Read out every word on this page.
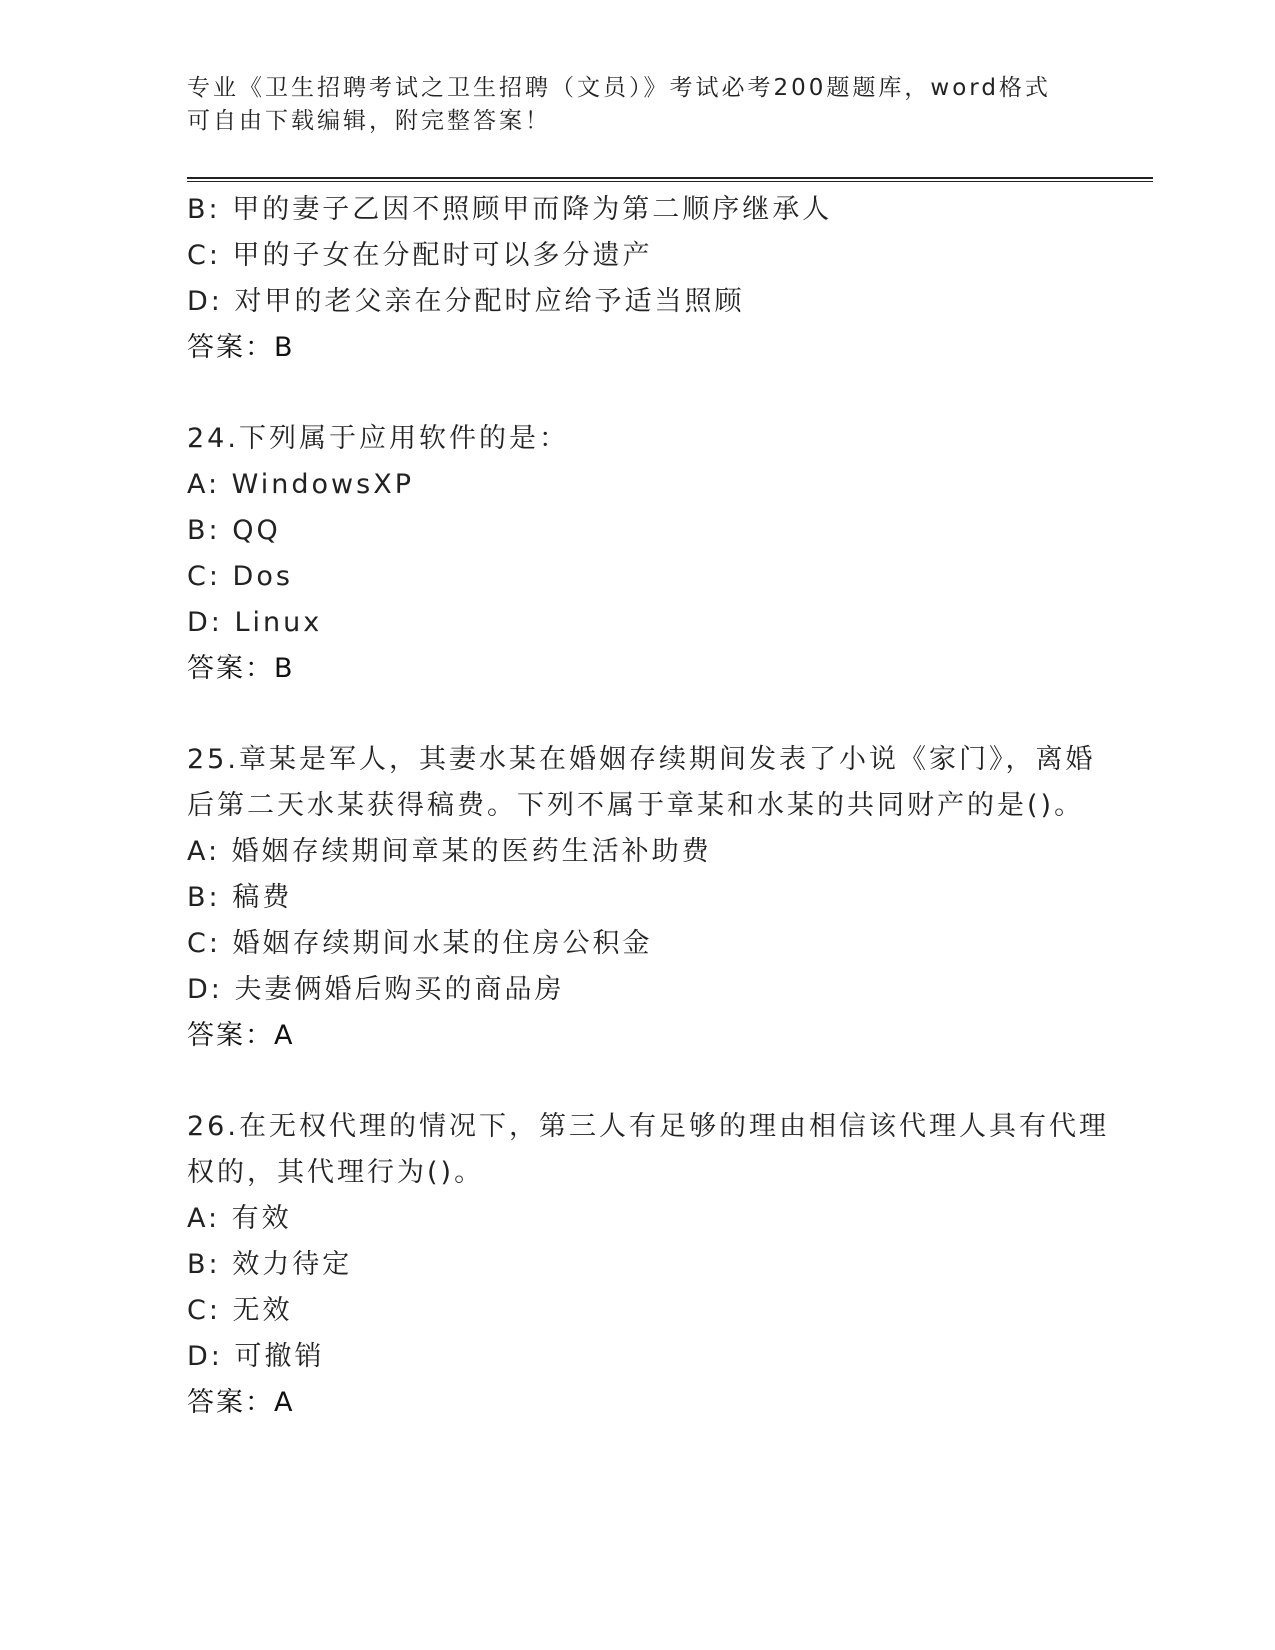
专业《卫生招聘考试之卫生招聘（文员）》考试必考200题题库，word格式可自由下载编辑，附完整答案！
B: 甲的妻子乙因不照顾甲而降为第二顺序继承人
C: 甲的子女在分配时可以多分遗产
D: 对甲的老父亲在分配时应给予适当照顾
答案：B
24.下列属于应用软件的是：
A: WindowsXP
B: QQ
C: Dos
D: Linux
答案：B
25.章某是军人，其妻水某在婚姻存续期间发表了小说《家门》，离婚
后第二天水某获得稿费。下列不属于章某和水某的共同财产的是()。
A: 婚姻存续期间章某的医药生活补助费
B: 稿费
C: 婚姻存续期间水某的住房公积金
D: 夫妻俩婚后购买的商品房
答案：A
26.在无权代理的情况下，第三人有足够的理由相信该代理人具有代理
权的，其代理行为()。
A: 有效
B: 效力待定
C: 无效
D: 可撤销
答案：A
